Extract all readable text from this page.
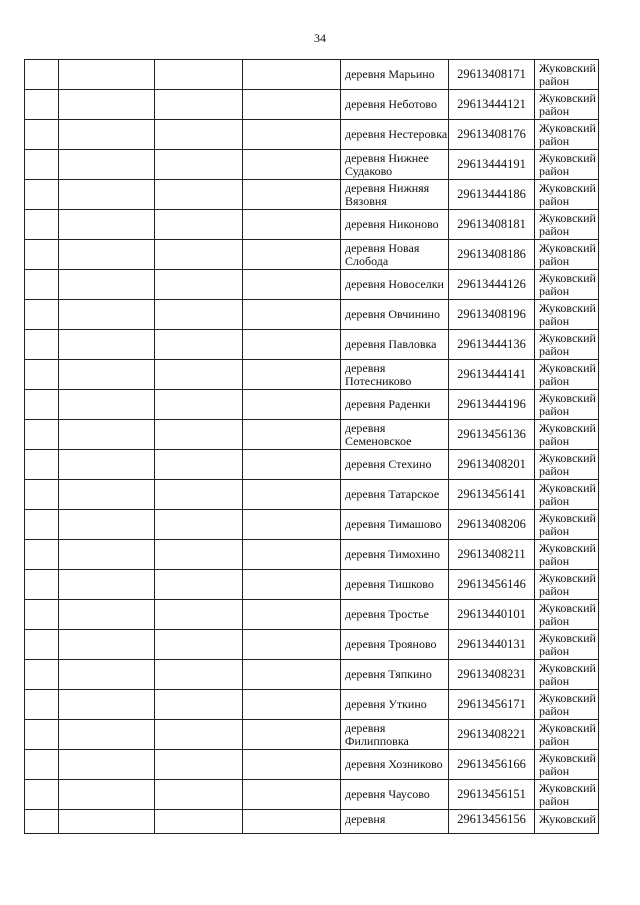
34
				деревня Марьино	29613408171	Жуковский район
				деревня Неботово	29613444121	Жуковский район
				деревня Нестеровка	29613408176	Жуковский район
				деревня Нижнее Судаково	29613444191	Жуковский район
				деревня Нижняя Вязовня	29613444186	Жуковский район
				деревня Никоново	29613408181	Жуковский район
				деревня Новая Слобода	29613408186	Жуковский район
				деревня Новоселки	29613444126	Жуковский район
				деревня Овчинино	29613408196	Жуковский район
				деревня Павловка	29613444136	Жуковский район
				деревня Потесниково	29613444141	Жуковский район
				деревня Раденки	29613444196	Жуковский район
				деревня Семеновское	29613456136	Жуковский район
				деревня Стехино	29613408201	Жуковский район
				деревня Татарское	29613456141	Жуковский район
				деревня Тимашово	29613408206	Жуковский район
				деревня Тимохино	29613408211	Жуковский район
				деревня Тишково	29613456146	Жуковский район
				деревня Тростье	29613440101	Жуковский район
				деревня Трояново	29613440131	Жуковский район
				деревня Тяпкино	29613408231	Жуковский район
				деревня Уткино	29613456171	Жуковский район
				деревня Филипповка	29613408221	Жуковский район
				деревня Хозниково	29613456166	Жуковский район
				деревня Чаусово	29613456151	Жуковский район
				деревня	29613456156	Жуковский
